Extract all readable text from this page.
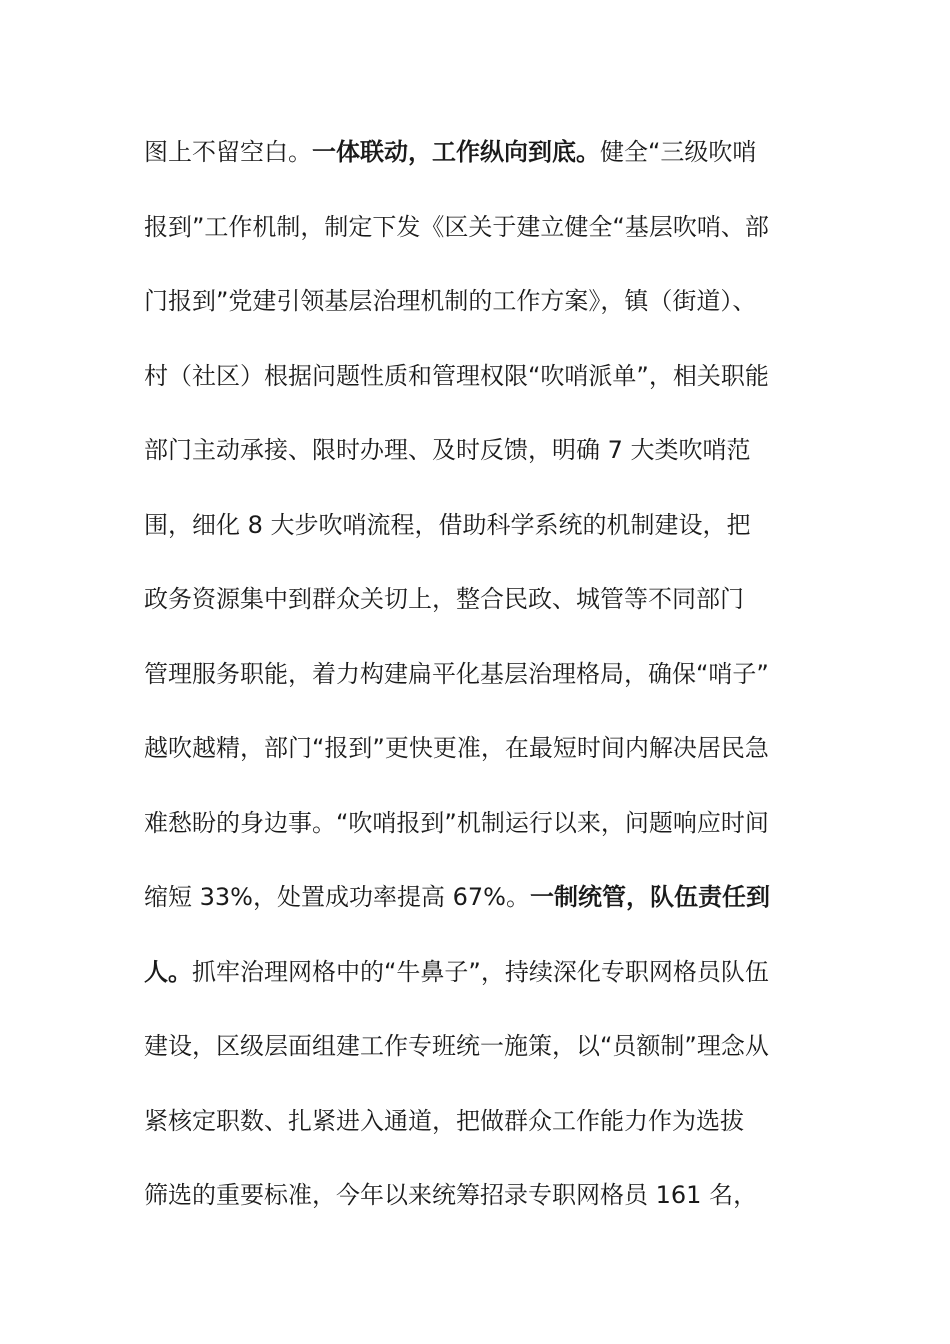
图上不留空白。一体联动，工作纵向到底。健全“三级吹哨
报到”工作机制，制定下发《区关于建立健全“基层吹哨、部
门报到”党建引领基层治理机制的工作方案》，镇（街道）、
村（社区）根据问题性质和管理权限“吹哨派单”，相关职能
部门主动承接、限时办理、及时反馈，明确 7 大类吹哨范
围，细化 8 大步吹哨流程，借助科学系统的机制建设，把
政务资源集中到群众关切上，整合民政、城管等不同部门
管理服务职能，着力构建扁平化基层治理格局，确保“哨子”
越吹越精，部门“报到”更快更准，在最短时间内解决居民急
难愁盼的身边事。“吹哨报到”机制运行以来，问题响应时间
缩短 33%，处置成功率提高 67%。一制统管，队伍责任到
人。抓牢治理网格中的“牛鼻子”，持续深化专职网格员队伍
建设，区级层面组建工作专班统一施策，以“员额制”理念从
紧核定职数、扎紧进入通道，把做群众工作能力作为选拔
筛选的重要标准，今年以来统筹招录专职网格员 161 名，
